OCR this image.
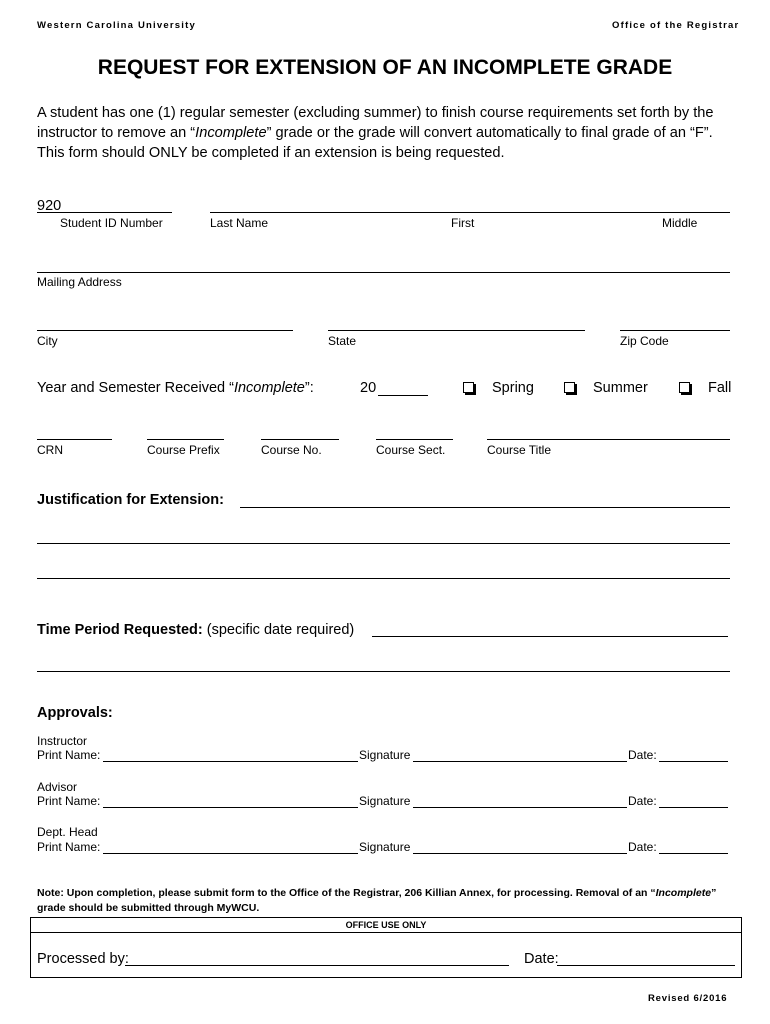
Western Carolina University	Office of the Registrar
REQUEST FOR EXTENSION OF AN INCOMPLETE GRADE
A student has one (1) regular semester (excluding summer) to finish course requirements set forth by the instructor to remove an “Incomplete” grade or the grade will convert automatically to final grade of an “F”. This form should ONLY be completed if an extension is being requested.
920
Student ID Number	Last Name	First	Middle
Mailing Address
City	State	Zip Code
Year and Semester Received “Incomplete”:	20	Spring	Summer	Fall
CRN	Course Prefix	Course No.	Course Sect.	Course Title
Justification for Extension:
Time Period Requested: (specific date required)
Approvals:
Instructor
Print Name:	Signature	Date:
Advisor
Print Name:	Signature	Date:
Dept. Head
Print Name:	Signature	Date:
Note: Upon completion, please submit form to the Office of the Registrar, 206 Killian Annex, for processing. Removal of an “Incomplete” grade should be submitted through MyWCU.
OFFICE USE ONLY
Processed by:	Date:
Revised 6/2016
